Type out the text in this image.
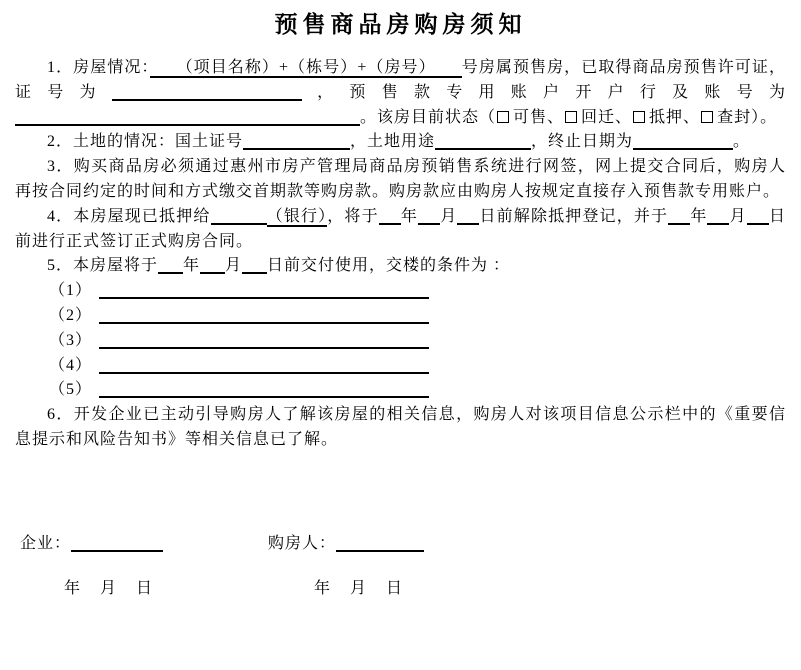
预售商品房购房须知

1．房屋情况：　　（项目名称）+（栋号）+（房号）　　号房属预售房，已取得商品房预售许可证，证号为	，预售款专用账户开户行及账号为。该房目前状态（ 可售、 回迁、 抵押、 查封）。

2．土地的情况：国土证号	，土地用途	，终止日期为	。

3．购买商品房必须通过惠州市房产管理局商品房预销售系统进行网签，网上提交合同后，购房人再按合同约定的时间和方式缴交首期款等购房款。购房款应由购房人按规定直接存入预售款专用账户。

4．本房屋现已抵押给	（银行），将于 年 月 日前解除抵押登记，并于 年 月 日前进行正式签订正式购房合同。

5．本房屋将于 年 月 日前交付使用，交楼的条件为 ：

（1）

（2）

（3）

（4）

（5）

6．开发企业已主动引导购房人了解该房屋的相关信息，购房人对该项目信息公示栏中的《重要信息提示和风险告知书》等相关信息已了解。

企业：
年　月　日
购房人：
年　月　日
